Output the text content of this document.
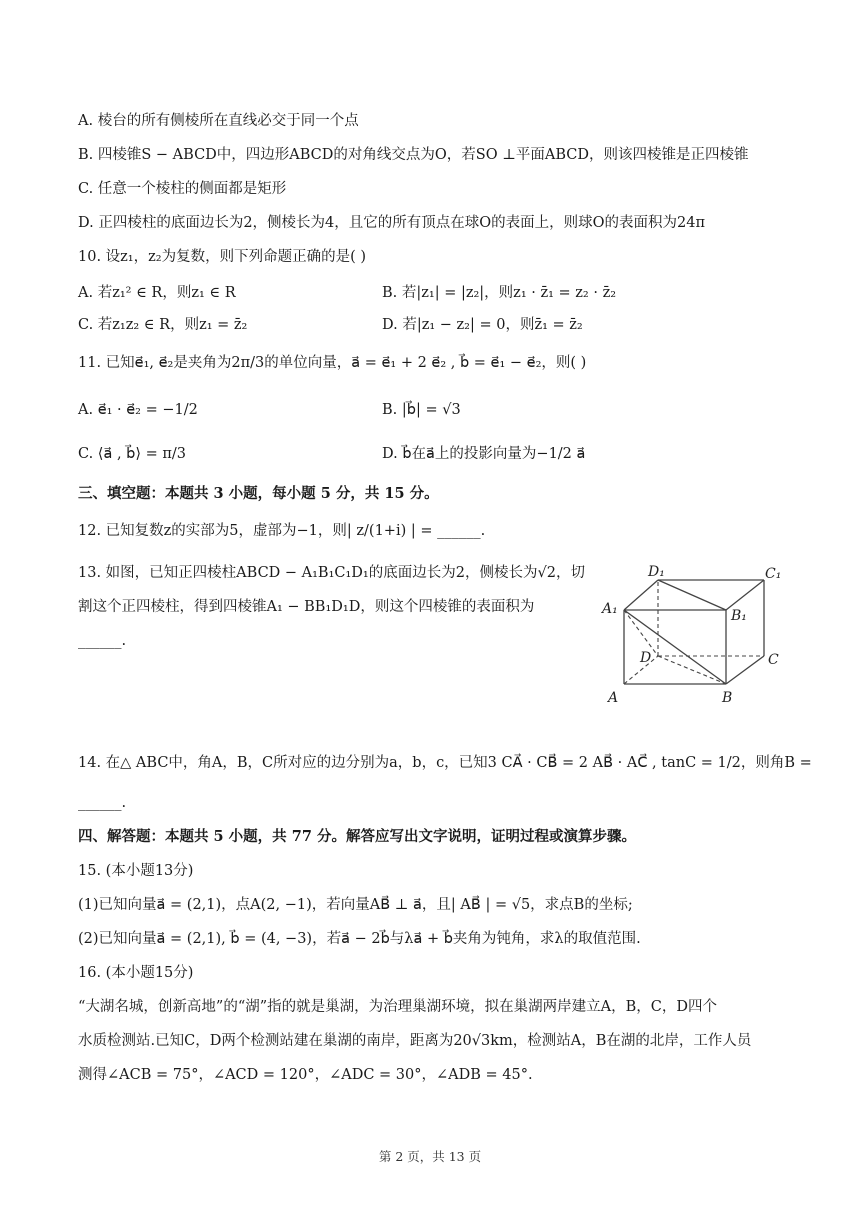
A. 棱台的所有侧棱所在直线必交于同一个点
B. 四棱锥S − ABCD中，四边形ABCD的对角线交点为O，若SO ⊥平面ABCD，则该四棱锥是正四棱锥
C. 任意一个棱柱的侧面都是矩形
D. 正四棱柱的底面边长为2，侧棱长为4，且它的所有顶点在球O的表面上，则球O的表面积为24π
10. 设z₁，z₂为复数，则下列命题正确的是( )
A. 若z₁² ∈ R，则z₁ ∈ R	B. 若|z₁| = |z₂|，则z₁ · z̄₁ = z₂ · z̄₂
C. 若z₁z₂ ∈ R，则z₁ = z̄₂	D. 若|z₁ − z₂| = 0，则z̄₁ = z̄₂
11. 已知e⃗₁, e⃗₂是夹角为2π/3的单位向量，a⃗ = e⃗₁ + 2 e⃗₂ , b⃗ = e⃗₁ − e⃗₂，则( )
A. e⃗₁ · e⃗₂ = −1/2	B. |b⃗| = √3
C. ⟨a⃗ , b⃗⟩ = π/3	D. b⃗在a⃗上的投影向量为−1/2 a⃗
三、填空题：本题共 3 小题，每小题 5 分，共 15 分。
12. 已知复数z的实部为5，虚部为−1，则| z/(1+i) | = ______.
13. 如图，已知正四棱柱ABCD − A₁B₁C₁D₁的底面边长为2，侧棱长为√2，切
割这个正四棱柱，得到四棱锥A₁ − BB₁D₁D，则这个四棱锥的表面积为
______.
D₁	C₁
A₁	B₁
D	C
A	B
14. 在△ ABC中，角A，B，C所对应的边分别为a，b，c，已知3 CA⃗ · CB⃗ = 2 AB⃗ · AC⃗ , tanC = 1/2，则角B =
______.
四、解答题：本题共 5 小题，共 77 分。解答应写出文字说明，证明过程或演算步骤。
15. (本小题13分)
(1)已知向量a⃗ = (2,1)，点A(2, −1)，若向量AB⃗ ⊥ a⃗，且| AB⃗ | = √5，求点B的坐标;
(2)已知向量a⃗ = (2,1), b⃗ = (4, −3)，若a⃗ − 2b⃗与λa⃗ + b⃗夹角为钝角，求λ的取值范围.
16. (本小题15分)
“大湖名城，创新高地”的“湖”指的就是巢湖，为治理巢湖环境，拟在巢湖两岸建立A，B，C，D四个
水质检测站.已知C，D两个检测站建在巢湖的南岸，距离为20√3km，检测站A，B在湖的北岸，工作人员
测得∠ACB = 75°，∠ACD = 120°，∠ADC = 30°，∠ADB = 45°.
第 2 页，共 13 页
